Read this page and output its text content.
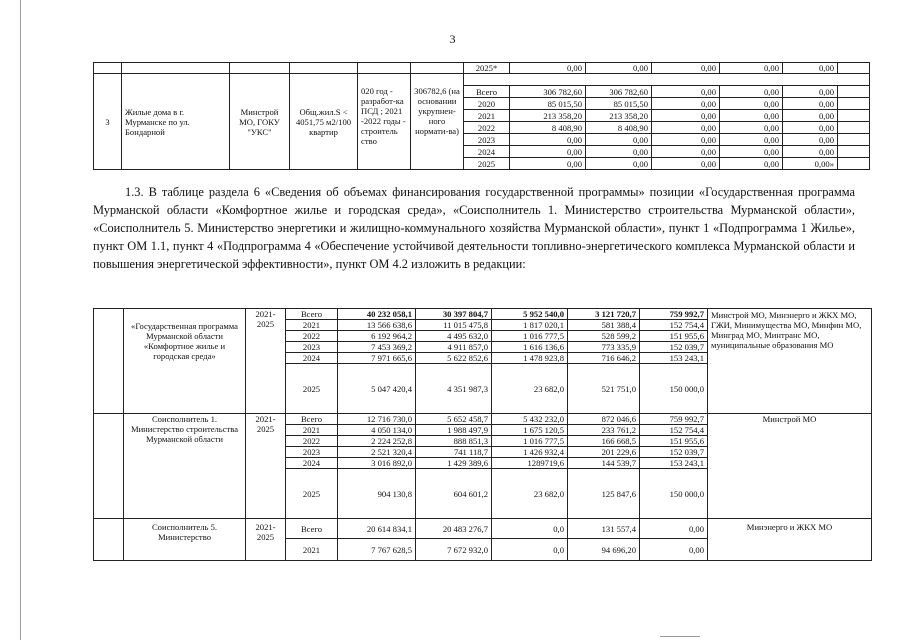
3
						2025*	0,00	0,00	0,00	0,00	0,00	
3	Жилые дома в г. Мурманске по ул. Бондарной	Минстрой МО, ГОКУ "УКС"	Общ.жил.S < 4051,75 м2/100 квартир	020 год - разработ-ка ПСД ; 2021 -2022 годы - строитель ство	306782,6 (на основании укрупнен-ного нормати-ва)							
						Всего	306 782,60	306 782,60	0,00	0,00	0,00	
						2020	85 015,50	85 015,50	0,00	0,00	0,00	
						2021	213 358,20	213 358,20	0,00	0,00	0,00	
						2022	8 408,90	8 408,90	0,00	0,00	0,00	
						2023	0,00	0,00	0,00	0,00	0,00	
						2024	0,00	0,00	0,00	0,00	0,00	
						2025	0,00	0,00	0,00	0,00	0,00»	
1.3. В таблице раздела 6 «Сведения об объемах финансирования государственной программы» позиции «Государственная программа Мурманской области «Комфортное жилье и городская среда», «Соисполнитель 1. Министерство строительства Мурманской области», «Соисполнитель 5. Министерство энергетики и жилищно-коммунального хозяйства Мурманской области», пункт 1 «Подпрограмма 1 Жилье», пункт ОМ 1.1, пункт 4 «Подпрограмма 4 «Обеспечение устойчивой деятельности топливно-энергетического комплекса Мурманской области и повышения энергетической эффективности», пункт ОМ 4.2 изложить в редакции:
	«Государственная программа Мурманской области «Комфортное жилье и городская среда»	2021-2025	Всего	40 232 058,1	30 397 804,7	5 952 540,0	3 121 720,7	759 992,7	Минстрой МО, Минэнерго и ЖКХ МО, ГЖИ, Минимущества МО, Минфин МО, Минград МО, Минтранс МО, муниципальные образования МО
			2021	13 566 638,6	11 015 475,8	1 817 020,1	581 388,4	152 754,4	
			2022	6 192 964,2	4 495 632,0	1 016 777,5	528 599,2	151 955,6	
			2023	7 453 369,2	4 911 857,0	1 616 136,6	773 335,9	152 039,7	
			2024	7 971 665,6	5 622 852,6	1 478 923,8	716 646,2	153 243,1	
			2025	5 047 420,4	4 351 987,3	23 682,0	521 751,0	150 000,0	
	Соисполнитель 1. Министерство строительства Мурманской области	2021-2025	Всего	12 716 730,0	5 652 458,7	5 432 232,0	872 046,6	759 992,7	Минстрой МО
			2021	4 050 134,0	1 988 497,9	1 675 120,5	233 761,2	152 754,4	
			2022	2 224 252,8	888 851,3	1 016 777,5	166 668,5	151 955,6	
			2023	2 521 320,4	741 118,7	1 426 932,4	201 229,6	152 039,7	
			2024	3 016 892,0	1 429 389,6	1289719,6	144 539,7	153 243,1	
			2025	904 130,8	604 601,2	23 682,0	125 847,6	150 000,0	
	Соисполнитель 5. Министерство	2021-2025	Всего	20 614 834,1	20 483 276,7	0,0	131 557,4	0,00	Минэнерго и ЖКХ МО
			2021	7 767 628,5	7 672 932,0	0,0	94 696,20	0,00	
